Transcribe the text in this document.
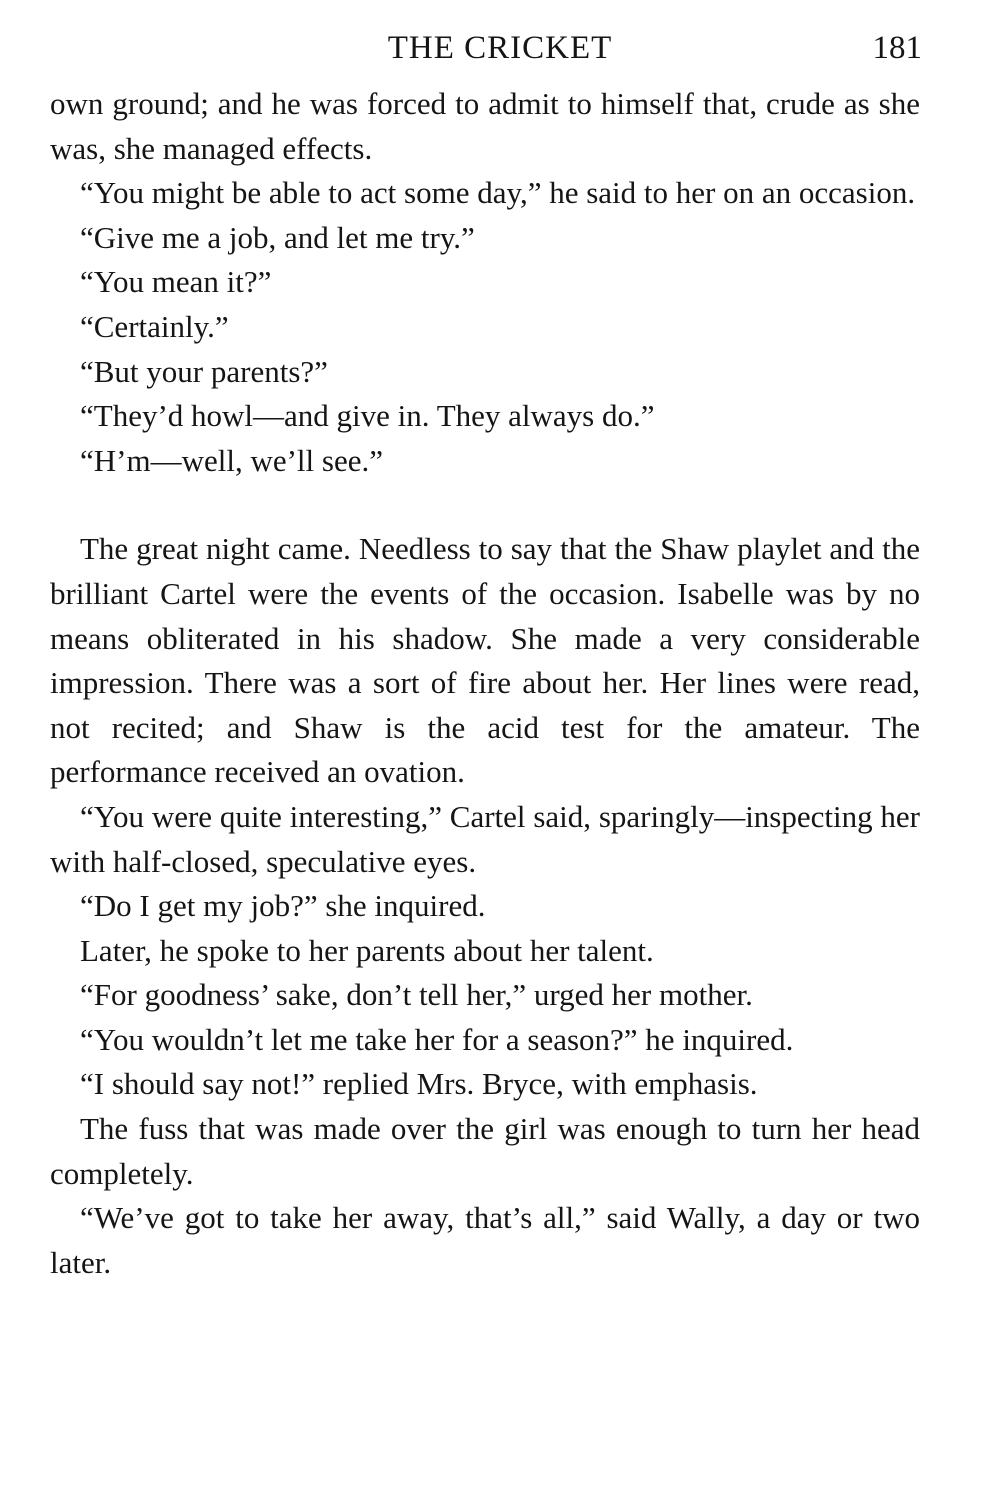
THE CRICKET	181

own ground; and he was forced to admit to himself that, crude as she was, she managed effects.

“You might be able to act some day,” he said to her on an occasion.

“Give me a job, and let me try.”

“You mean it?”

“Certainly.”

“But your parents?”

“They’d howl—and give in. They always do.”

“H’m—well, we’ll see.”

The great night came. Needless to say that the Shaw playlet and the brilliant Cartel were the events of the occasion. Isabelle was by no means obliterated in his shadow. She made a very considerable impression. There was a sort of fire about her. Her lines were read, not recited; and Shaw is the acid test for the amateur. The performance received an ovation.

“You were quite interesting,” Cartel said, sparingly—inspecting her with half-closed, speculative eyes.

“Do I get my job?” she inquired.

Later, he spoke to her parents about her talent.

“For goodness’ sake, don’t tell her,” urged her mother.

“You wouldn’t let me take her for a season?” he inquired.

“I should say not!” replied Mrs. Bryce, with emphasis.

The fuss that was made over the girl was enough to turn her head completely.

“We’ve got to take her away, that’s all,” said Wally, a day or two later.
